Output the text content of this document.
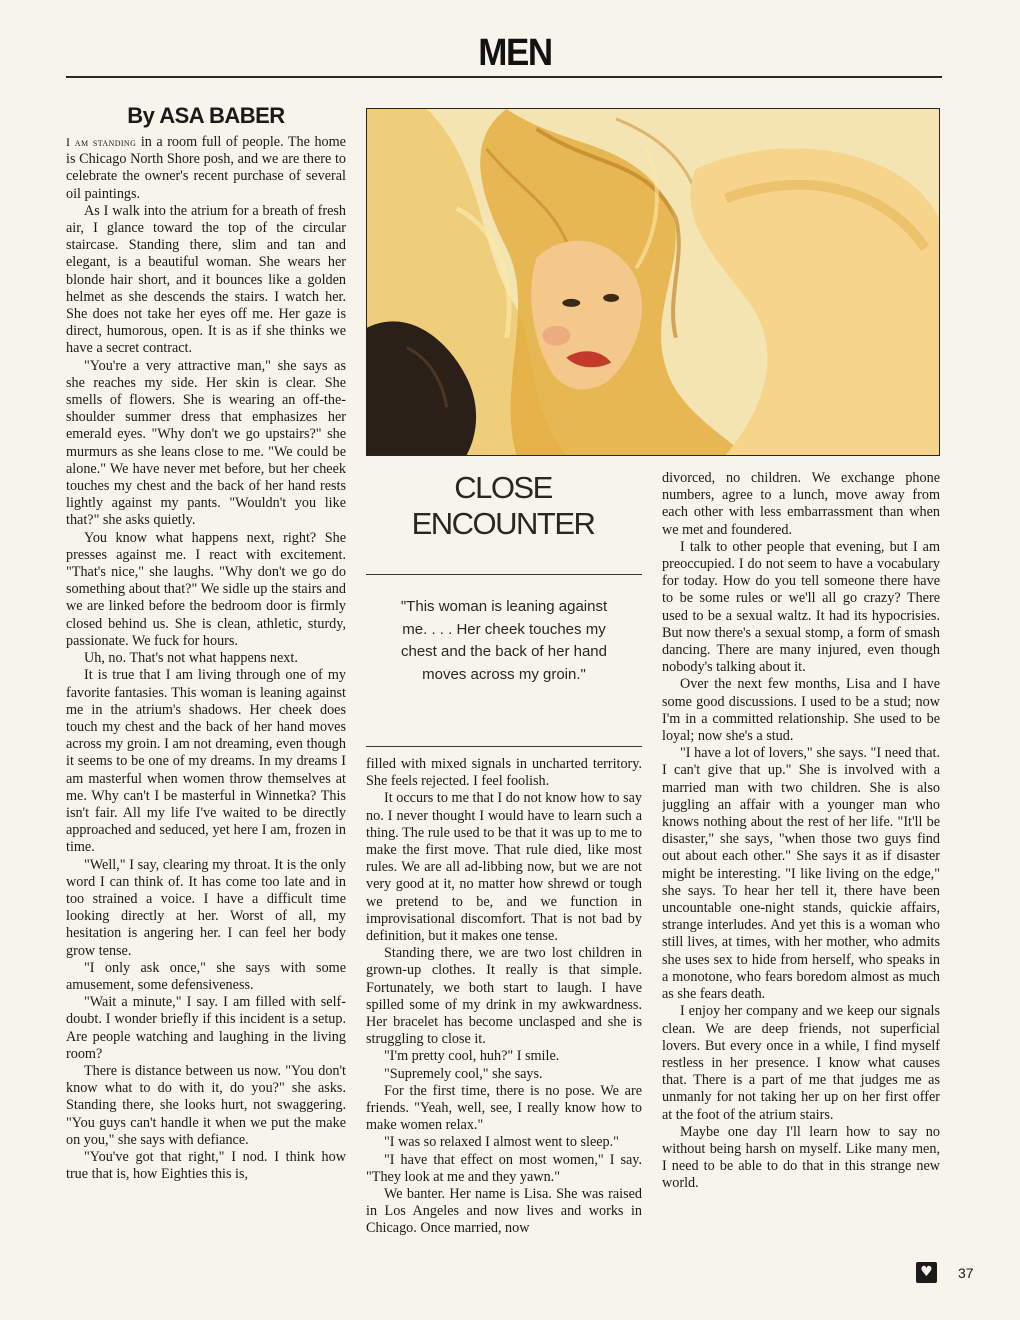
MEN
By ASA BABER

I am standing in a room full of people. The home is Chicago North Shore posh, and we are there to celebrate the owner's recent purchase of several oil paintings.

As I walk into the atrium for a breath of fresh air, I glance toward the top of the circular staircase. Standing there, slim and tan and elegant, is a beautiful woman. She wears her blonde hair short, and it bounces like a golden helmet as she descends the stairs. I watch her. She does not take her eyes off me. Her gaze is direct, humorous, open. It is as if she thinks we have a secret contract.

"You're a very attractive man," she says as she reaches my side. Her skin is clear. She smells of flowers. She is wearing an off-the-shoulder summer dress that emphasizes her emerald eyes. "Why don't we go upstairs?" she murmurs as she leans close to me. "We could be alone." We have never met before, but her cheek touches my chest and the back of her hand rests lightly against my pants. "Wouldn't you like that?" she asks quietly.

You know what happens next, right? She presses against me. I react with excitement. "That's nice," she laughs. "Why don't we go do something about that?" We sidle up the stairs and we are linked before the bedroom door is firmly closed behind us. She is clean, athletic, sturdy, passionate. We fuck for hours.

Uh, no. That's not what happens next.

It is true that I am living through one of my favorite fantasies. This woman is leaning against me in the atrium's shadows. Her cheek does touch my chest and the back of her hand moves across my groin. I am not dreaming, even though it seems to be one of my dreams. In my dreams I am masterful when women throw themselves at me. Why can't I be masterful in Winnetka? This isn't fair. All my life I've waited to be directly approached and seduced, yet here I am, frozen in time.

"Well," I say, clearing my throat. It is the only word I can think of. It has come too late and in too strained a voice. I have a difficult time looking directly at her. Worst of all, my hesitation is angering her. I can feel her body grow tense.

"I only ask once," she says with some amusement, some defensiveness.

"Wait a minute," I say. I am filled with self-doubt. I wonder briefly if this incident is a setup. Are people watching and laughing in the living room?

There is distance between us now. "You don't know what to do with it, do you?" she asks. Standing there, she looks hurt, not swaggering. "You guys can't handle it when we put the make on you," she says with defiance.

"You've got that right," I nod. I think how true that is, how Eighties this is,

CLOSE
ENCOUNTER
"This woman is leaning against me. . . . Her cheek touches my chest and the back of her hand moves across my groin."

filled with mixed signals in uncharted territory. She feels rejected. I feel foolish.

It occurs to me that I do not know how to say no. I never thought I would have to learn such a thing. The rule used to be that it was up to me to make the first move. That rule died, like most rules. We are all ad-libbing now, but we are not very good at it, no matter how shrewd or tough we pretend to be, and we function in improvisational discomfort. That is not bad by definition, but it makes one tense.

Standing there, we are two lost children in grown-up clothes. It really is that simple. Fortunately, we both start to laugh. I have spilled some of my drink in my awkwardness. Her bracelet has become unclasped and she is struggling to close it.

"I'm pretty cool, huh?" I smile.

"Supremely cool," she says.

For the first time, there is no pose. We are friends. "Yeah, well, see, I really know how to make women relax."

"I was so relaxed I almost went to sleep."

"I have that effect on most women," I say. "They look at me and they yawn."

We banter. Her name is Lisa. She was raised in Los Angeles and now lives and works in Chicago. Once married, now

divorced, no children. We exchange phone numbers, agree to a lunch, move away from each other with less embarrassment than when we met and foundered.

I talk to other people that evening, but I am preoccupied. I do not seem to have a vocabulary for today. How do you tell someone there have to be some rules or we'll all go crazy? There used to be a sexual waltz. It had its hypocrisies. But now there's a sexual stomp, a form of smash dancing. There are many injured, even though nobody's talking about it.

Over the next few months, Lisa and I have some good discussions. I used to be a stud; now I'm in a committed relationship. She used to be loyal; now she's a stud.

"I have a lot of lovers," she says. "I need that. I can't give that up." She is involved with a married man with two children. She is also juggling an affair with a younger man who knows nothing about the rest of her life. "It'll be disaster," she says, "when those two guys find out about each other." She says it as if disaster might be interesting. "I like living on the edge," she says. To hear her tell it, there have been uncountable one-night stands, quickie affairs, strange interludes. And yet this is a woman who still lives, at times, with her mother, who admits she uses sex to hide from herself, who speaks in a monotone, who fears boredom almost as much as she fears death.

I enjoy her company and we keep our signals clean. We are deep friends, not superficial lovers. But every once in a while, I find myself restless in her presence. I know what causes that. There is a part of me that judges me as unmanly for not taking her up on her first offer at the foot of the atrium stairs.

Maybe one day I'll learn how to say no without being harsh on myself. Like many men, I need to be able to do that in this strange new world.

♥	37
